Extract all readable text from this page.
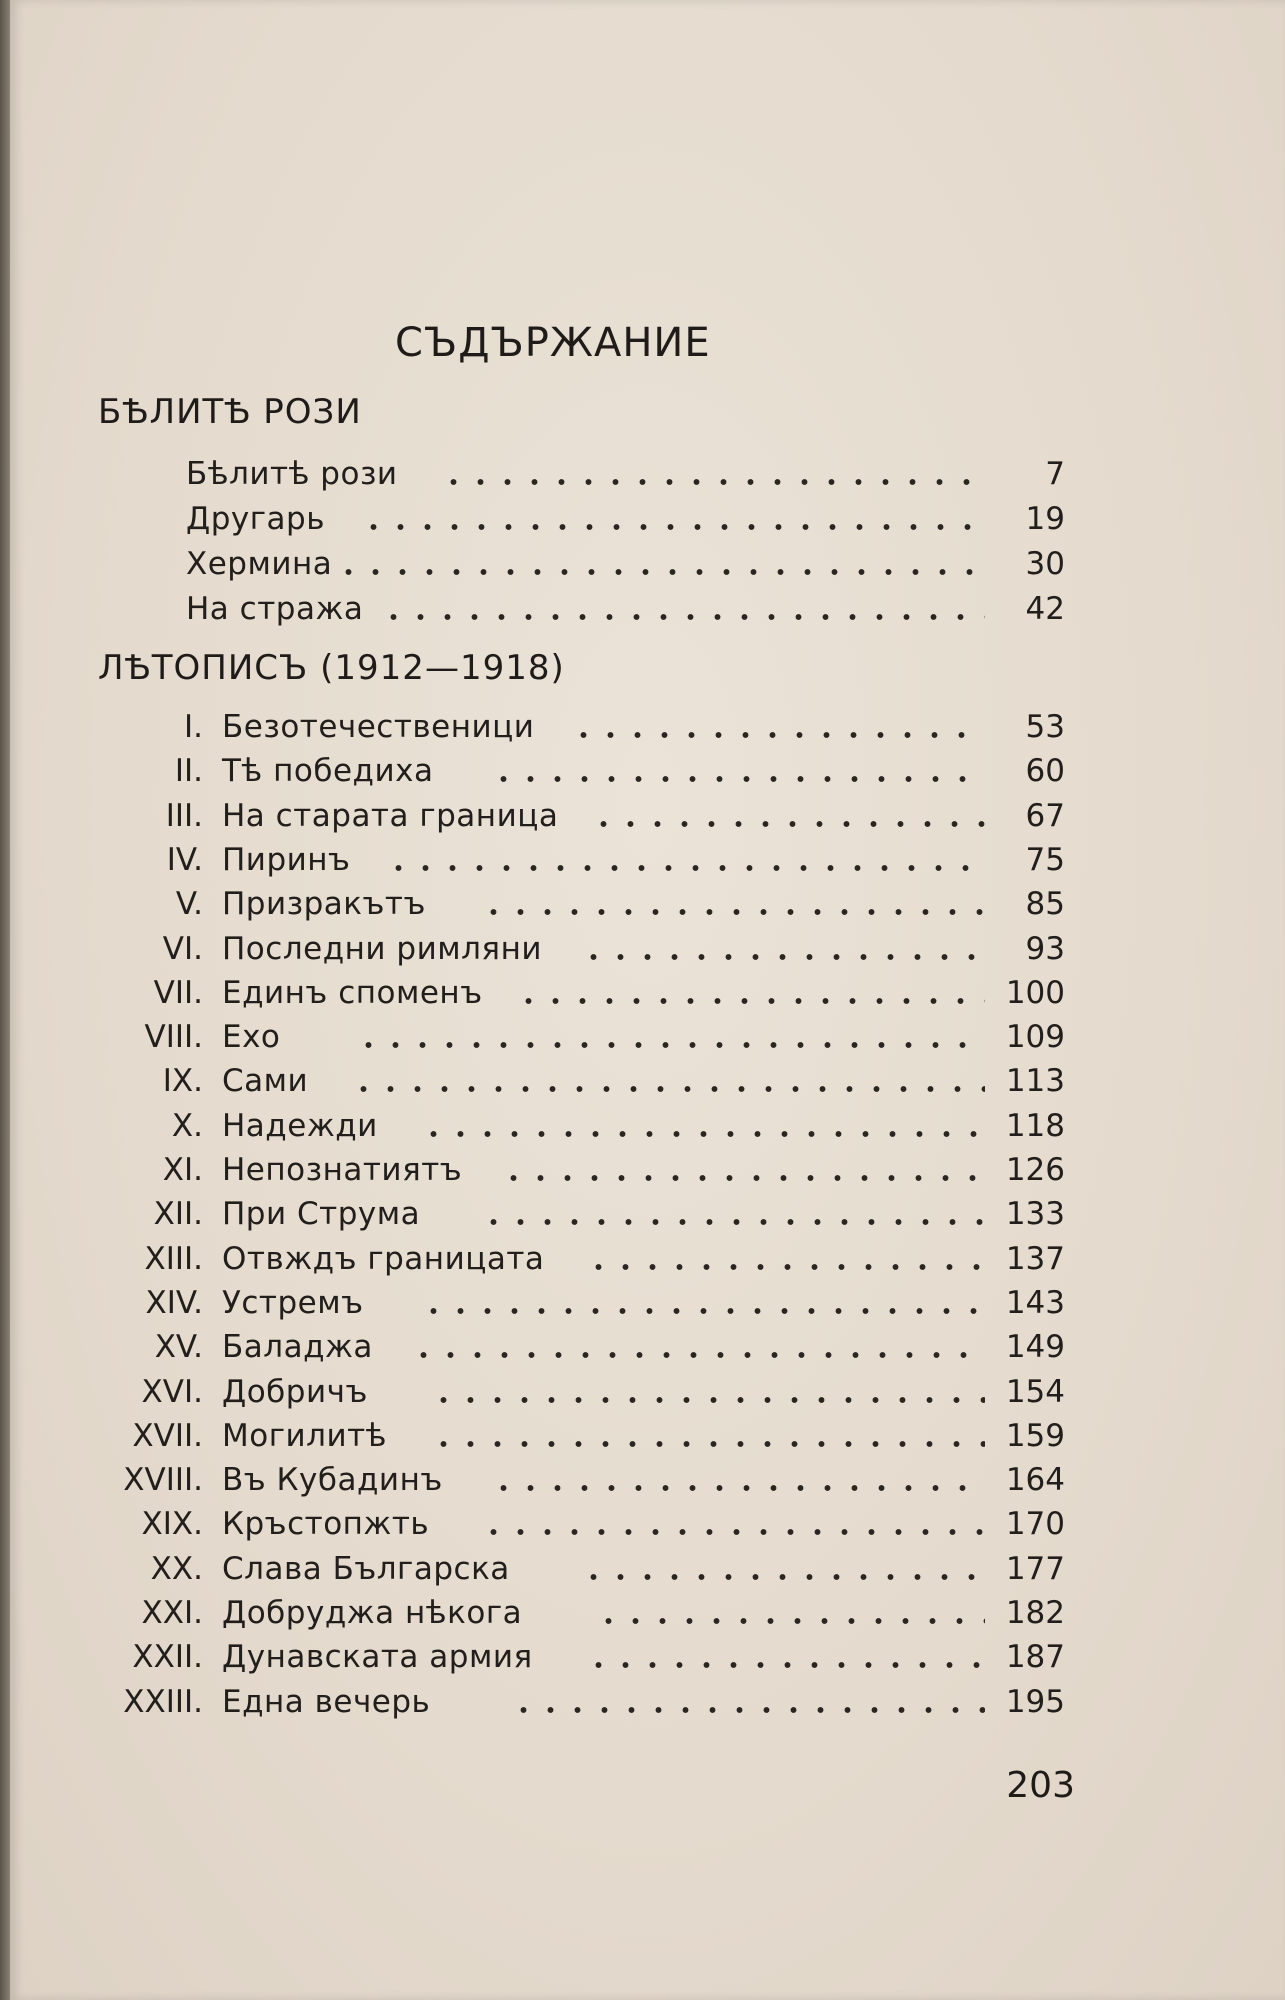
СЪДЪРЖАНИЕ
БѢЛИТѢ РОЗИ
Бѣлитѣ рози	7
Другарь	19
Хермина	30
На стража	42
ЛѢТОПИСЪ (1912—1918)
I. Безотечественици	53
II. Тѣ победиха	60
III. На старата граница	67
IV. Пиринъ	75
V. Призракътъ	85
VI. Последни римляни	93
VII. Единъ споменъ	100
VIII. Ехо	109
IX. Сами	113
X. Надежди	118
XI. Непознатиятъ	126
XII. При Струма	133
XIII. Отвждъ границата	137
XIV. Устремъ	143
XV. Баладжа	149
XVI. Добричъ	154
XVII. Могилитѣ	159
XVIII. Въ Кубадинъ	164
XIX. Кръстопжть	170
XX. Слава Българска	177
XXI. Добруджа нѣкога	182
XXII. Дунавската армия	187
XXIII. Една вечерь	195
203
